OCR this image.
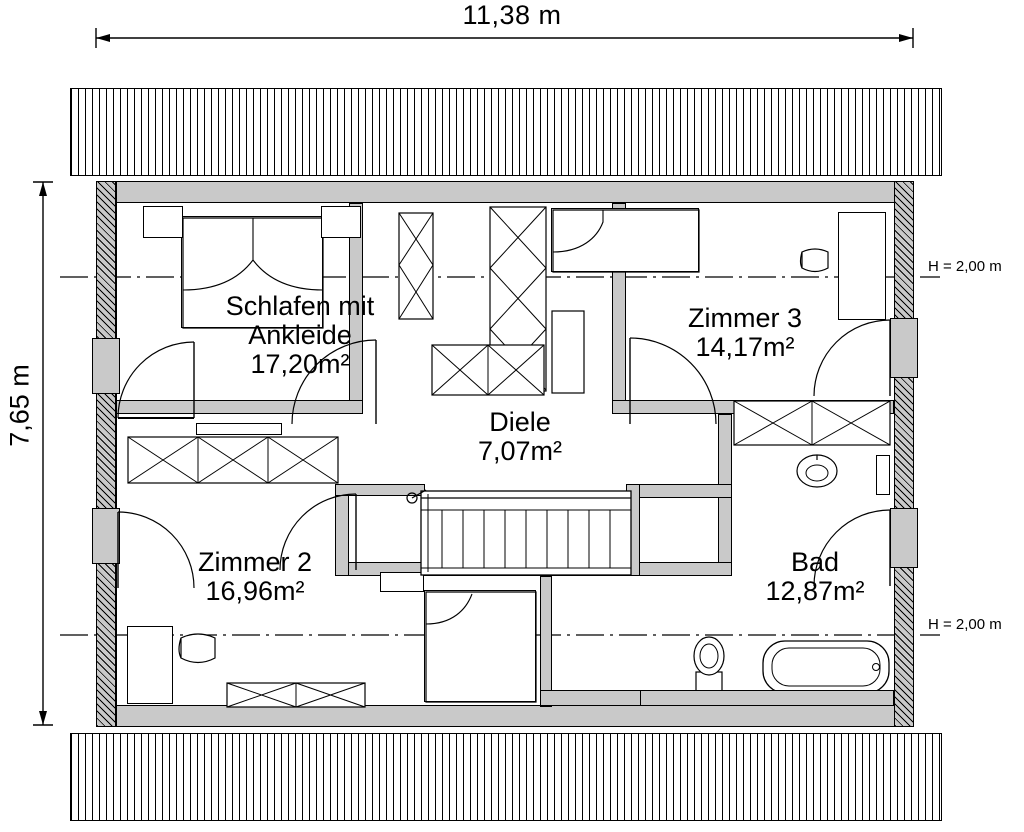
11,38 m
7,65 m
H = 2,00 m
H = 2,00 m
Schlafen mit
Ankleide
17,20m²
Zimmer 3
14,17m²
Diele
7,07m²
Zimmer 2
16,96m²
Bad
12,87m²
